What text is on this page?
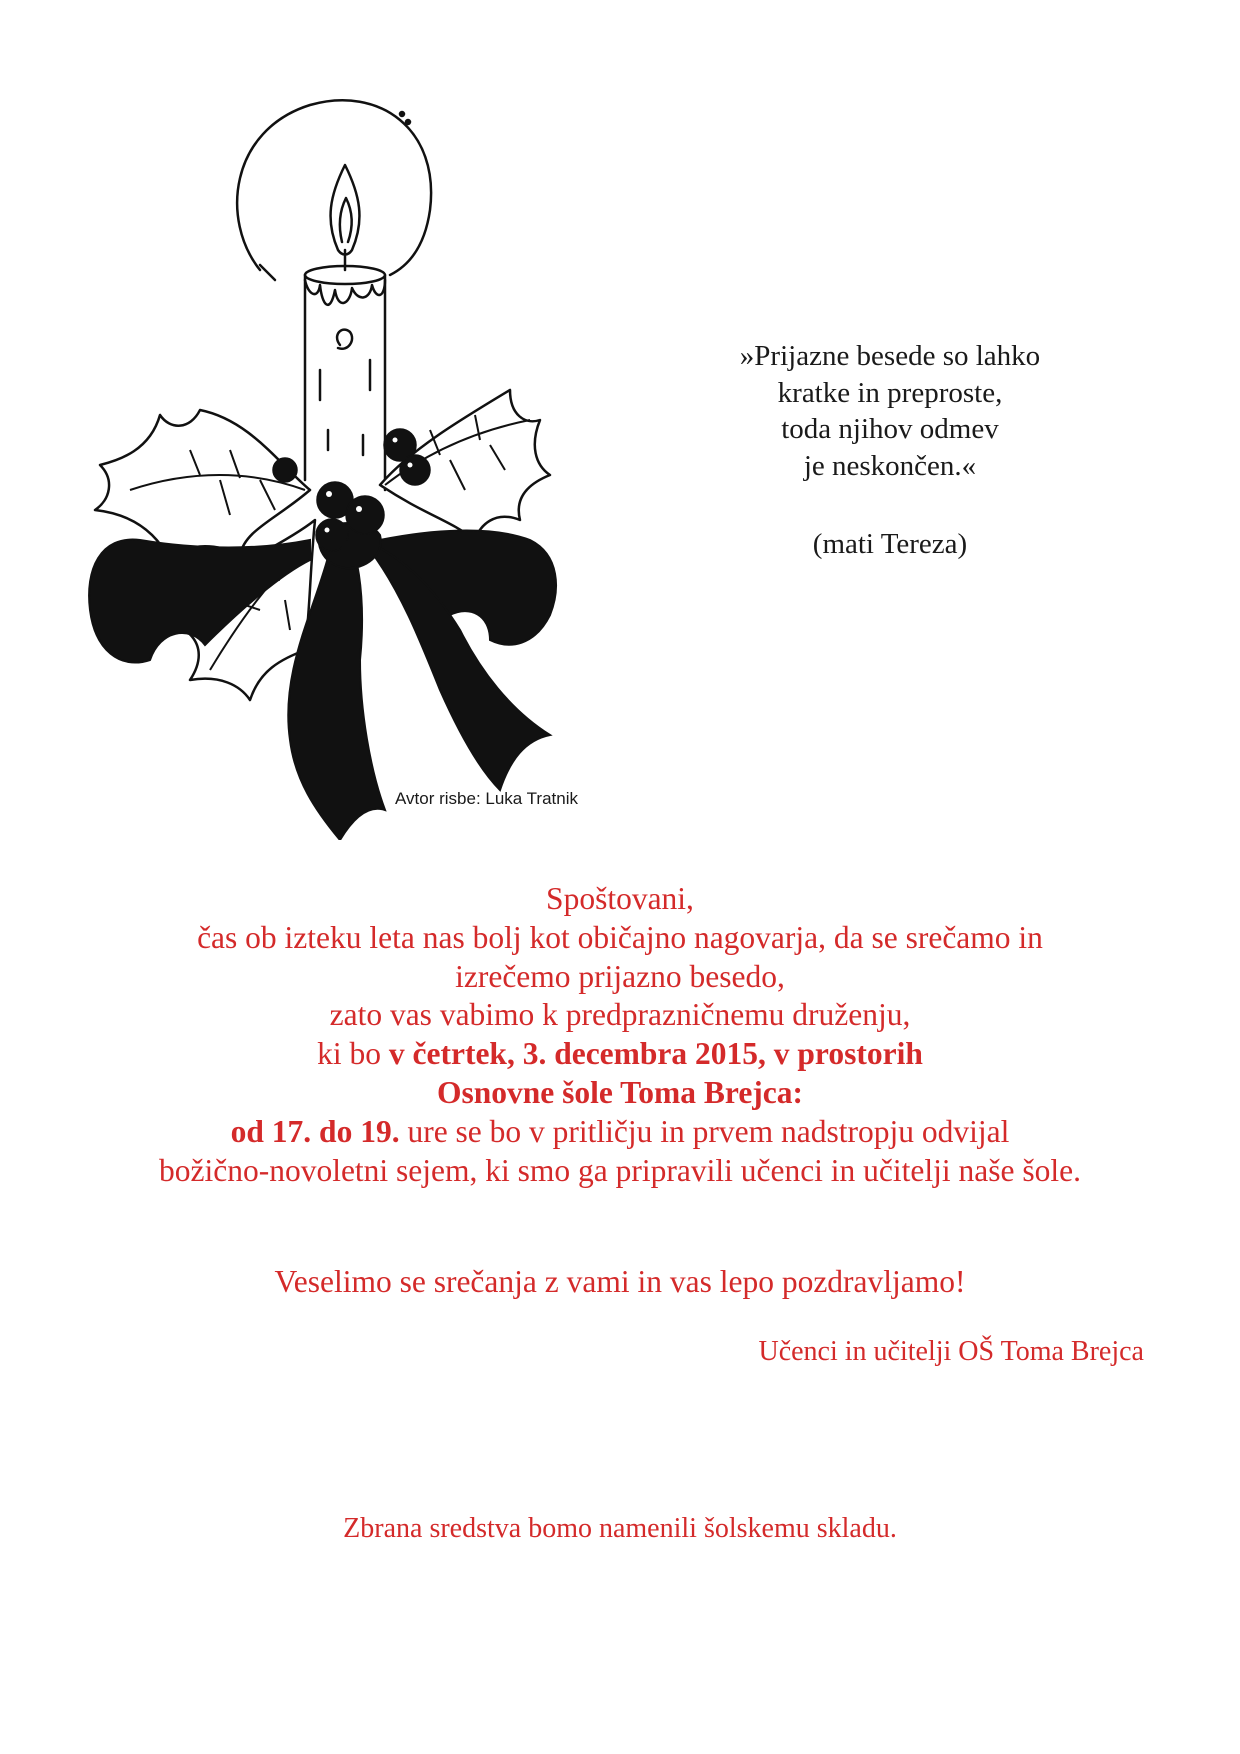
Avtor risbe: Luka Tratnik
»Prijazne besede so lahko
kratke in preproste,
toda njihov odmev
je neskončen.«
(mati Tereza)
Spoštovani,
čas ob izteku leta nas bolj kot običajno nagovarja, da se srečamo in
izrečemo prijazno besedo,
zato vas vabimo k predprazničnemu druženju,
ki bo v četrtek, 3. decembra 2015, v prostorih
Osnovne šole Toma Brejca:
od 17. do 19. ure se bo v pritličju in prvem nadstropju odvijal
božično-novoletni sejem, ki smo ga pripravili učenci in učitelji naše šole.
Veselimo se srečanja z vami in vas lepo pozdravljamo!
Učenci in učitelji OŠ Toma Brejca
Zbrana sredstva bomo namenili šolskemu skladu.
